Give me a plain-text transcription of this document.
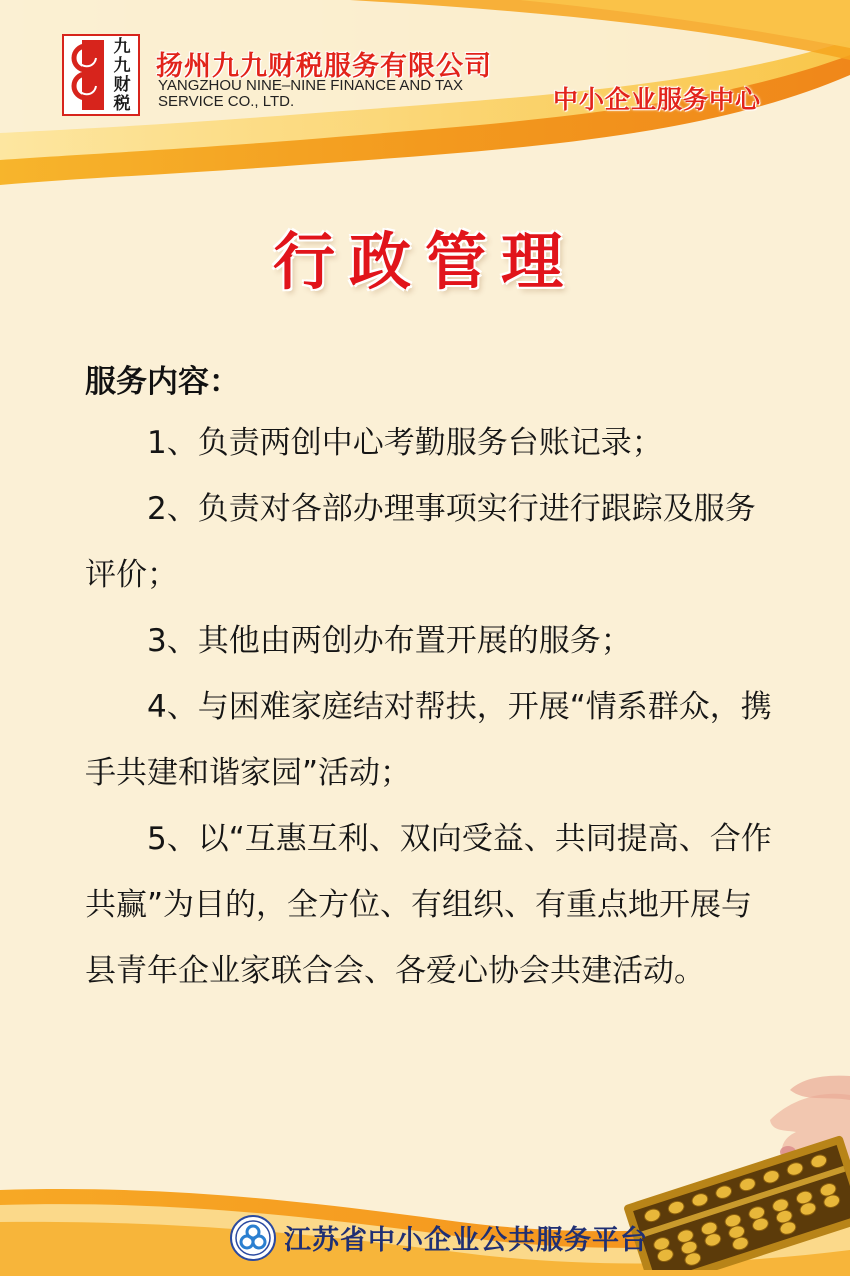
九
九
财
税
扬州九九财税服务有限公司
YANGZHOU NINE–NINE FINANCE AND TAX
SERVICE CO., LTD.	中小企业服务中心
行政管理
服务内容：

1、负责两创中心考勤服务台账记录；

2、负责对各部办理事项实行进行跟踪及服务评价；

3、其他由两创办布置开展的服务；

4、与困难家庭结对帮扶，开展“情系群众，携手共建和谐家园”活动；

5、以“互惠互利、双向受益、共同提高、合作共赢”为目的，全方位、有组织、有重点地开展与县青年企业家联合会、各爱心协会共建活动。

江苏省中小企业公共服务平台
